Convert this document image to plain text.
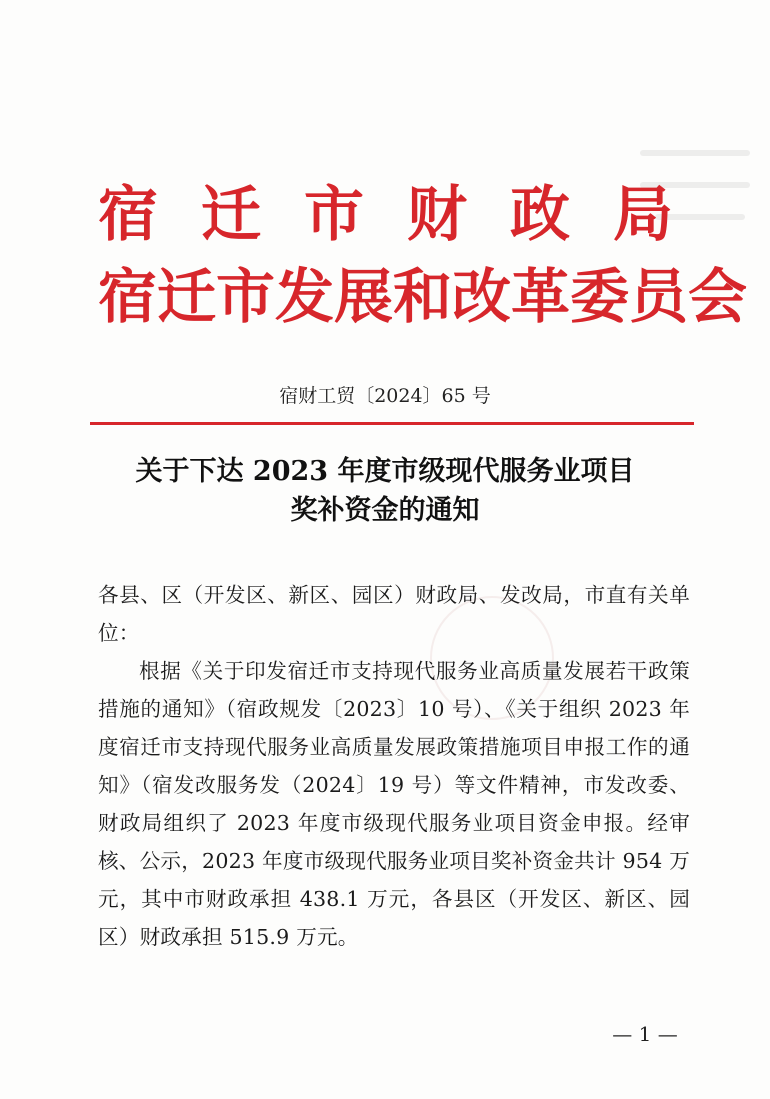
宿 迁 市 财 政 局
宿迁市发展和改革委员会
宿财工贸〔2024〕65 号
关于下达 2023 年度市级现代服务业项目
奖补资金的通知
各县、区（开发区、新区、园区）财政局、发改局，市直有关单位：
根据《关于印发宿迁市支持现代服务业高质量发展若干政策措施的通知》（宿政规发〔2023〕10 号）、《关于组织 2023 年度宿迁市支持现代服务业高质量发展政策措施项目申报工作的通知》（宿发改服务发（2024〕19 号）等文件精神，市发改委、财政局组织了 2023 年度市级现代服务业项目资金申报。经审核、公示，2023 年度市级现代服务业项目奖补资金共计 954 万元，其中市财政承担 438.1 万元，各县区（开发区、新区、园区）财政承担 515.9 万元。
— 1 —
